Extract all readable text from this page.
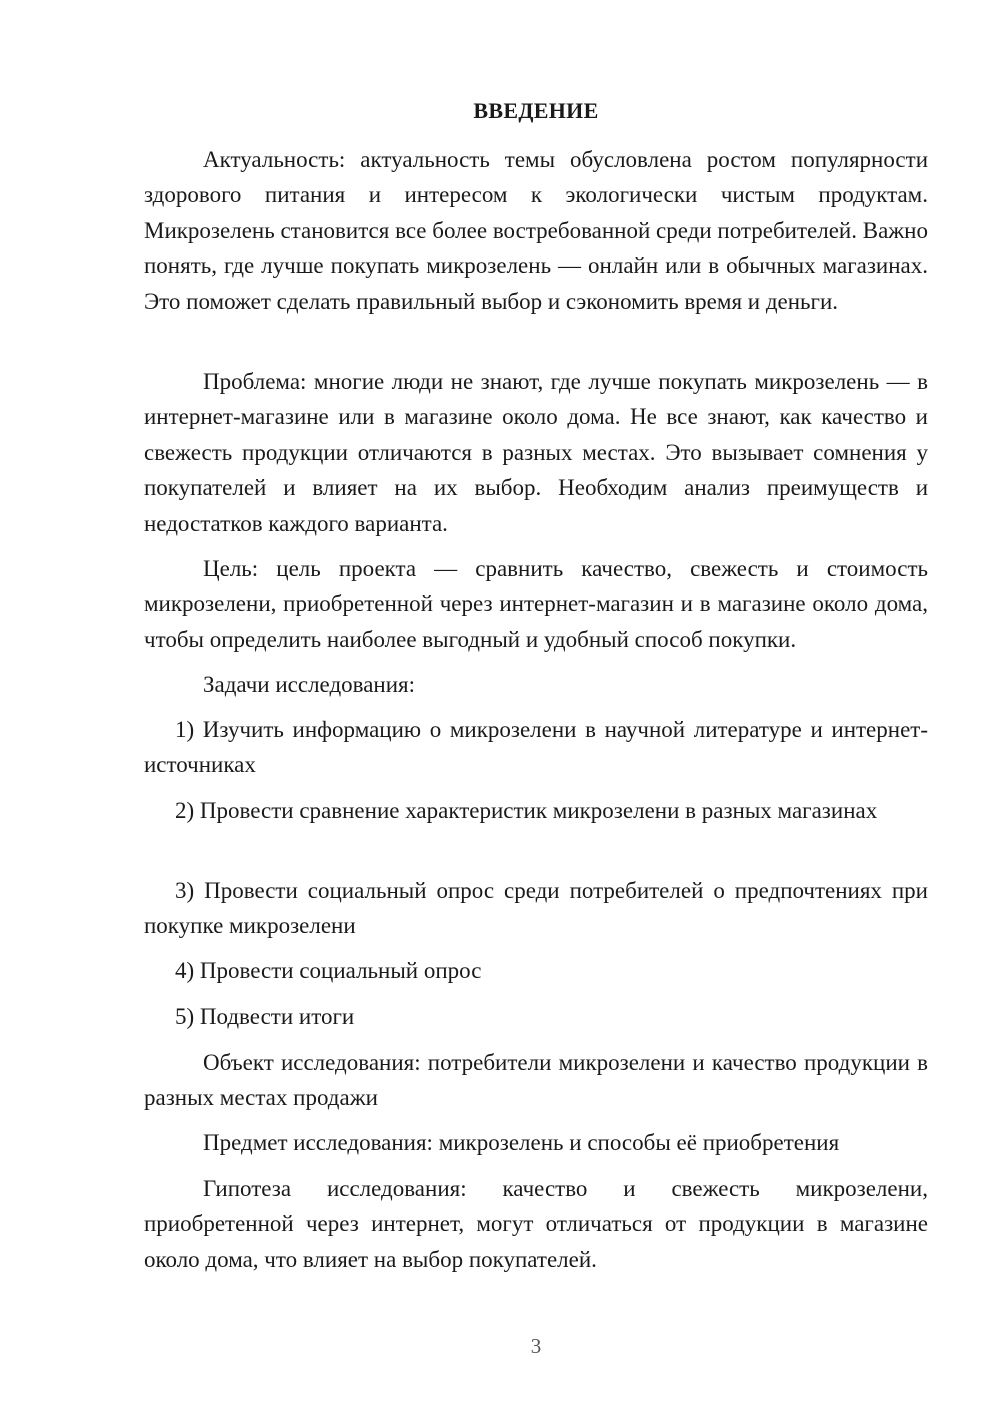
ВВЕДЕНИЕ

Актуальность: актуальность темы обусловлена ростом популярности здорового питания и интересом к экологически чистым продуктам. Микрозелень становится все более востребованной среди потребителей. Важно понять, где лучше покупать микрозелень — онлайн или в обычных магазинах. Это поможет сделать правильный выбор и сэкономить время и деньги.

Проблема: многие люди не знают, где лучше покупать микрозелень — в интернет-магазине или в магазине около дома. Не все знают, как качество и свежесть продукции отличаются в разных местах. Это вызывает сомнения у покупателей и влияет на их выбор. Необходим анализ преимуществ и недостатков каждого варианта.

Цель: цель проекта — сравнить качество, свежесть и стоимость микрозелени, приобретенной через интернет-магазин и в магазине около дома, чтобы определить наиболее выгодный и удобный способ покупки.

Задачи исследования:

1) Изучить информацию о микрозелени в научной литературе и интернет-источниках

2) Провести сравнение характеристик микрозелени в разных магазинах

3) Провести социальный опрос среди потребителей о предпочтениях при покупке микрозелени

4) Провести социальный опрос

5) Подвести итоги

Объект исследования: потребители микрозелени и качество продукции в разных местах продажи

Предмет исследования: микрозелень и способы её приобретения

Гипотеза исследования: качество и свежесть микрозелени, приобретенной через интернет, могут отличаться от продукции в магазине около дома, что влияет на выбор покупателей.

3
